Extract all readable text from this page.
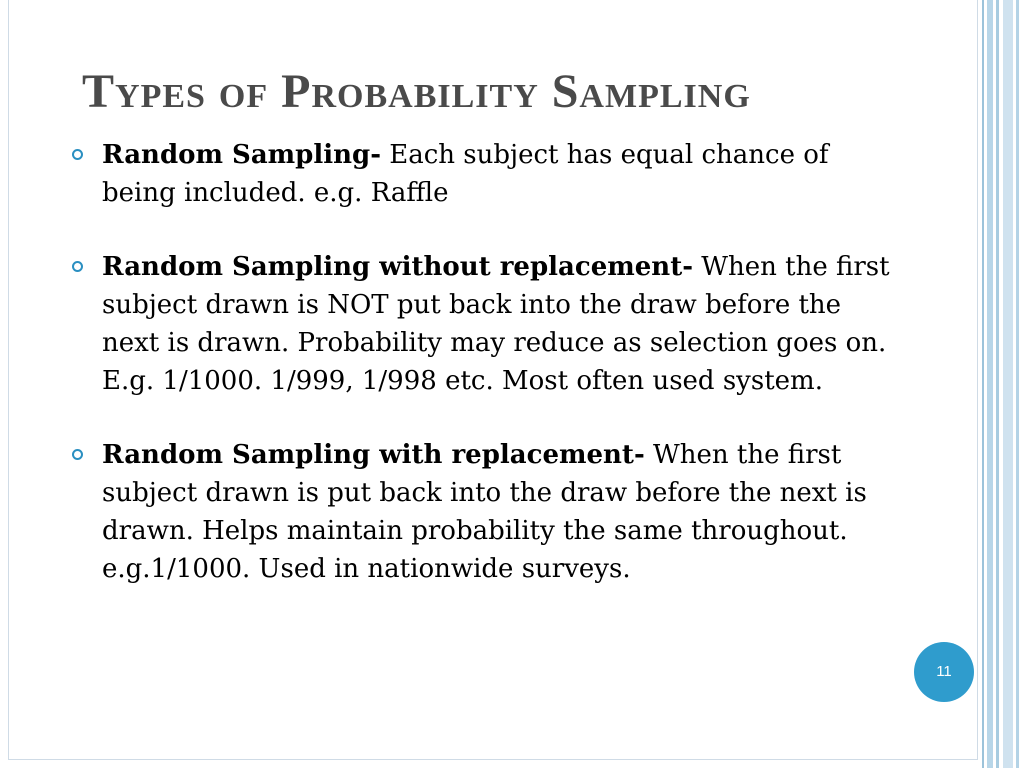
Types of Probability Sampling
Random Sampling- Each subject has equal chance of being included. e.g. Raffle
Random Sampling without replacement- When the first subject drawn is NOT put back into the draw before the next is drawn. Probability may reduce as selection goes on. E.g. 1/1000. 1/999, 1/998 etc. Most often used system.
Random Sampling with replacement- When the first subject drawn is put back into the draw before the next is drawn. Helps maintain probability the same throughout. e.g.1/1000. Used in nationwide surveys.
11
